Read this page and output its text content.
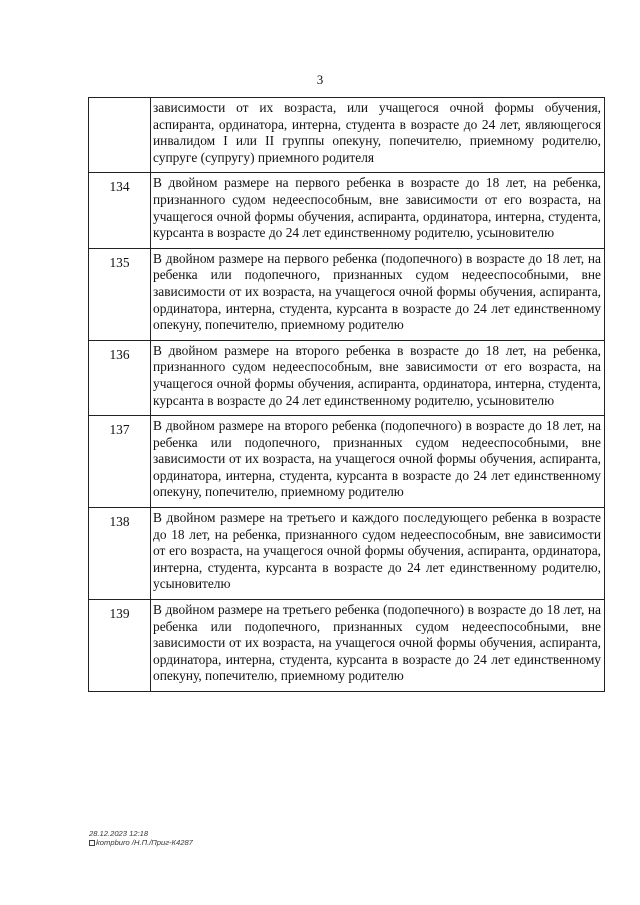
3
	зависимости от их возраста, или учащегося очной формы обучения, аспиранта, ординатора, интерна, студента в возрасте до 24 лет, являющегося инвалидом I или II группы опекуну, попечителю, приемному родителю, супругe (супругу) приемного родителя
134	В двойном размере на первого ребенка в возрасте до 18 лет, на ребенка, признанного судом недееспособным, вне зависимости от его возраста, на учащегося очной формы обучения, аспиранта, ординатора, интерна, студента, курсанта в возрасте до 24 лет единственному родителю, усыновителю
135	В двойном размере на первого ребенка (подопечного) в возрасте до 18 лет, на ребенка или подопечного, признанных судом недееспособными, вне зависимости от их возраста, на учащегося очной формы обучения, аспиранта, ординатора, интерна, студента, курсанта в возрасте до 24 лет единственному опекуну, попечителю, приемному родителю
136	В двойном размере на второго ребенка в возрасте до 18 лет, на ребенка, признанного судом недееспособным, вне зависимости от его возраста, на учащегося очной формы обучения, аспиранта, ординатора, интерна, студента, курсанта в возрасте до 24 лет единственному родителю, усыновителю
137	В двойном размере на второго ребенка (подопечного) в возрасте до 18 лет, на ребенка или подопечного, признанных судом недееспособными, вне зависимости от их возраста, на учащегося очной формы обучения, аспиранта, ординатора, интерна, студента, курсанта в возрасте до 24 лет единственному опекуну, попечителю, приемному родителю
138	В двойном размере на третьего и каждого последующего ребенка в возрасте до 18 лет, на ребенка, признанного судом недееспособным, вне зависимости от его возраста, на учащегося очной формы обучения, аспиранта, ординатора, интерна, студента, курсанта в возрасте до 24 лет единственному родителю, усыновителю
139	В двойном размере на третьего ребенка (подопечного) в возрасте до 18 лет, на ребенка или подопечного, признанных судом недееспособными, вне зависимости от их возраста, на учащегося очной формы обучения, аспиранта, ординатора, интерна, студента, курсанта в возрасте до 24 лет единственному опекуну, попечителю, приемному родителю
28.12.2023 12:18
kompburo /Н.П./Приг-К4287
